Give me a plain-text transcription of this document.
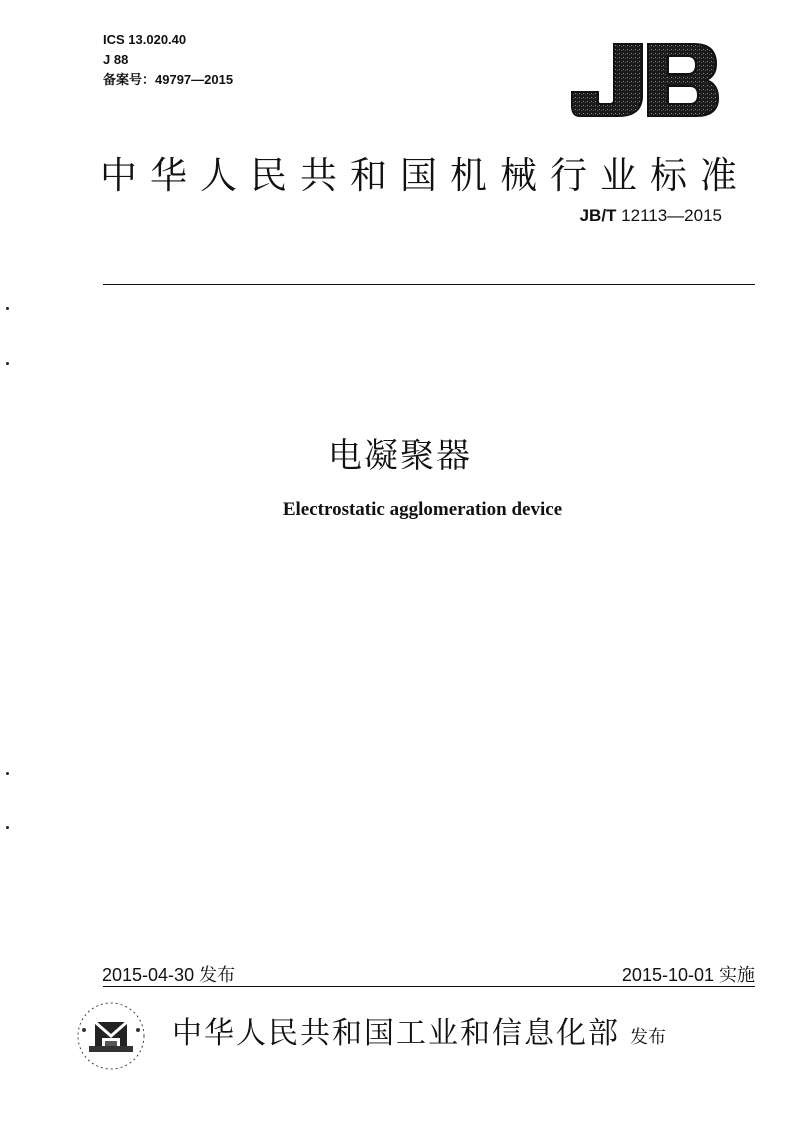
ICS 13.020.40
J 88
备案号：49797—2015
中华人民共和国机械行业标准
JB/T 12113—2015
电凝聚器
Electrostatic agglomeration device
2015-04-30 发布	2015-10-01 实施
中华人民共和国工业和信息化部 发布
